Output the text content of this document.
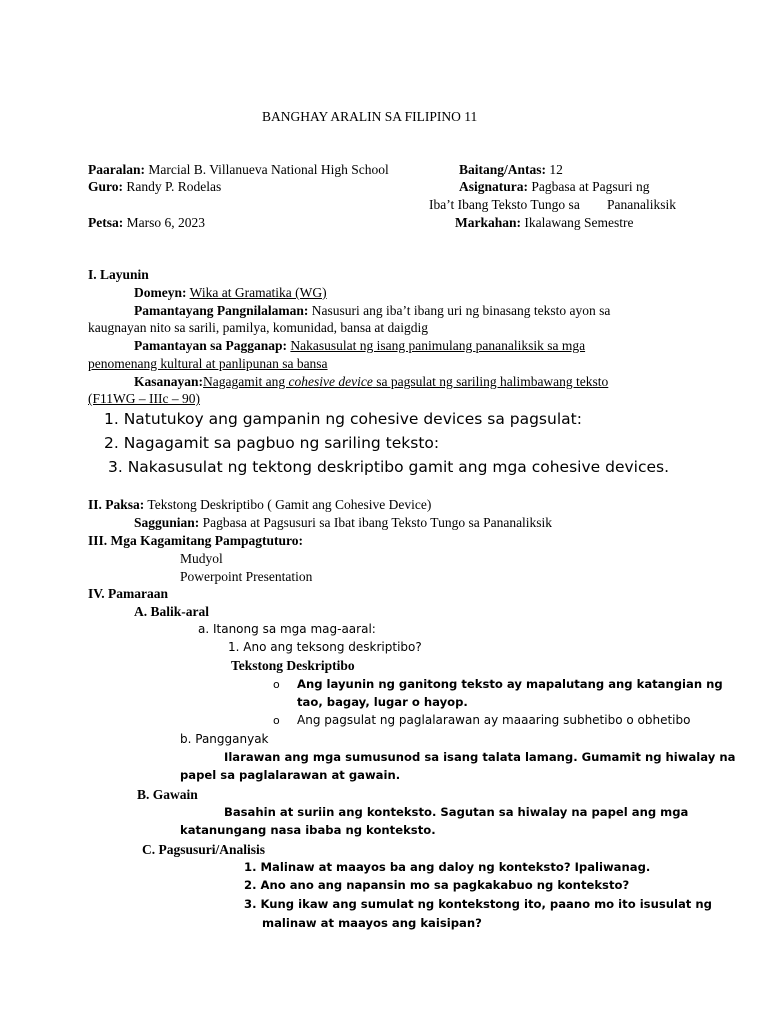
BANGHAY ARALIN SA FILIPINO 11
Paaralan: Marcial B. Villanueva National High School	Baitang/Antas: 12
Guro: Randy P. Rodelas	Asignatura: Pagbasa at Pagsuri ng
Iba’t Ibang Teksto Tungo sa Pananaliksik
Petsa: Marso 6, 2023	Markahan: Ikalawang Semestre
I. Layunin
Domeyn: Wika at Gramatika (WG)
Pamantayang Pangnilalaman: Nasusuri ang iba’t ibang uri ng binasang teksto ayon sa
kaugnayan nito sa sarili, pamilya, komunidad, bansa at daigdig
Pamantayan sa Pagganap: Nakasusulat ng isang panimulang pananaliksik sa mga
penomenang kultural at panlipunan sa bansa
Kasanayan:Nagagamit ang cohesive device sa pagsulat ng sariling halimbawang teksto
(F11WG – IIIc – 90)
1. Natutukoy ang gampanin ng cohesive devices sa pagsulat:
2. Nagagamit sa pagbuo ng sariling teksto:
3. Nakasusulat ng tektong deskriptibo gamit ang mga cohesive devices.
II. Paksa: Tekstong Deskriptibo ( Gamit ang Cohesive Device)
Saggunian: Pagbasa at Pagsusuri sa Ibat ibang Teksto Tungo sa Pananaliksik
III. Mga Kagamitang Pampagtuturo:
Mudyol
Powerpoint Presentation
IV. Pamaraan
A. Balik-aral
a. Itanong sa mga mag-aaral:
1. Ano ang teksong deskriptibo?
Tekstong Deskriptibo
o Ang layunin ng ganitong teksto ay mapalutang ang katangian ng
tao, bagay, lugar o hayop.
o Ang pagsulat ng paglalarawan ay maaaring subhetibo o obhetibo
b. Pangganyak
Ilarawan ang mga sumusunod sa isang talata lamang. Gumamit ng hiwalay na
papel sa paglalarawan at gawain.
B. Gawain
Basahin at suriin ang konteksto. Sagutan sa hiwalay na papel ang mga
katanungang nasa ibaba ng konteksto.
C. Pagsusuri/Analisis
1. Malinaw at maayos ba ang daloy ng konteksto? Ipaliwanag.
2. Ano ano ang napansin mo sa pagkakabuo ng konteksto?
3. Kung ikaw ang sumulat ng kontekstong ito, paano mo ito isusulat ng
malinaw at maayos ang kaisipan?
